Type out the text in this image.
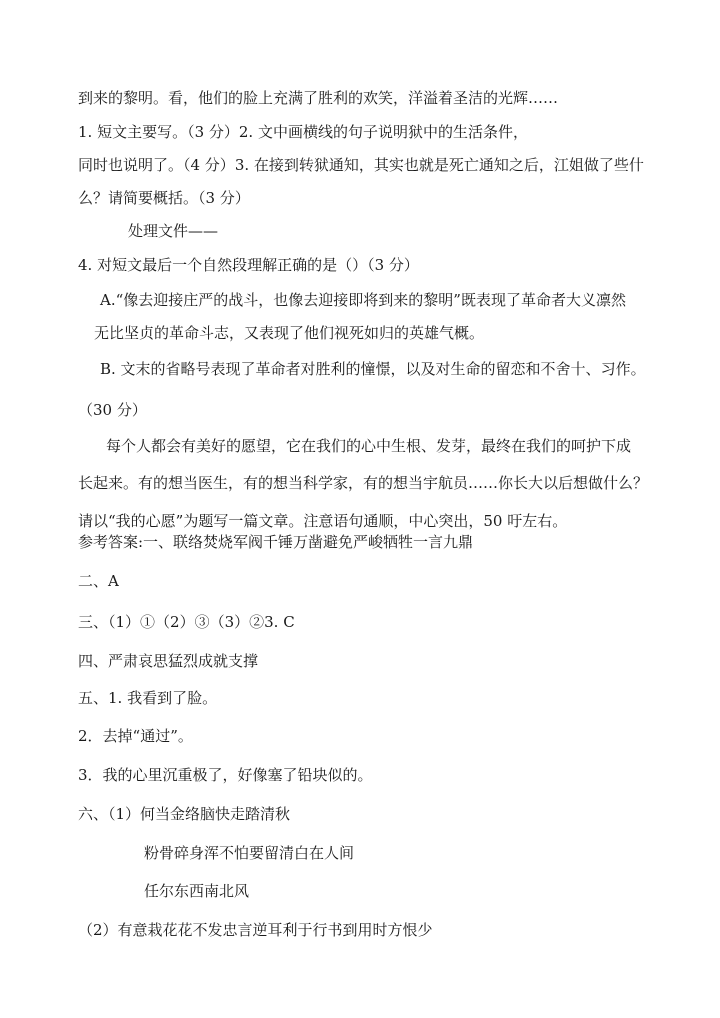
到来的黎明。看，他们的脸上充满了胜利的欢笑，洋溢着圣洁的光辉……
1. 短文主要写。（3 分）2. 文中画横线的句子说明狱中的生活条件，
同时也说明了。（4 分）3. 在接到转狱通知，其实也就是死亡通知之后，江姐做了些什
么？请简要概括。（3 分）
处理文件——
4. 对短文最后一个自然段理解正确的是（）（3 分）
A.“像去迎接庄严的战斗，也像去迎接即将到来的黎明”既表现了革命者大义凛然
无比坚贞的革命斗志，又表现了他们视死如归的英雄气概。
B. 文末的省略号表现了革命者对胜利的憧憬，以及对生命的留恋和不舍十、习作。
（30 分）
每个人都会有美好的愿望，它在我们的心中生根、发芽，最终在我们的呵护下成
长起来。有的想当医生，有的想当科学家，有的想当宇航员……你长大以后想做什么？
请以“我的心愿”为题写一篇文章。注意语句通顺，中心突出，50 吁左右。
参考答案:一、联络焚烧军阀千锤万凿避免严峻牺牲一言九鼎
二、A
三、（1）①（2）③（3）②3. C
四、严肃哀思猛烈成就支撑
五、1. 我看到了脸。
2．去掉“通过”。
3．我的心里沉重极了，好像塞了铅块似的。
六、（1）何当金络脑快走踏清秋
粉骨碎身浑不怕要留清白在人间
任尔东西南北风
（2）有意栽花花不发忠言逆耳利于行书到用时方恨少
